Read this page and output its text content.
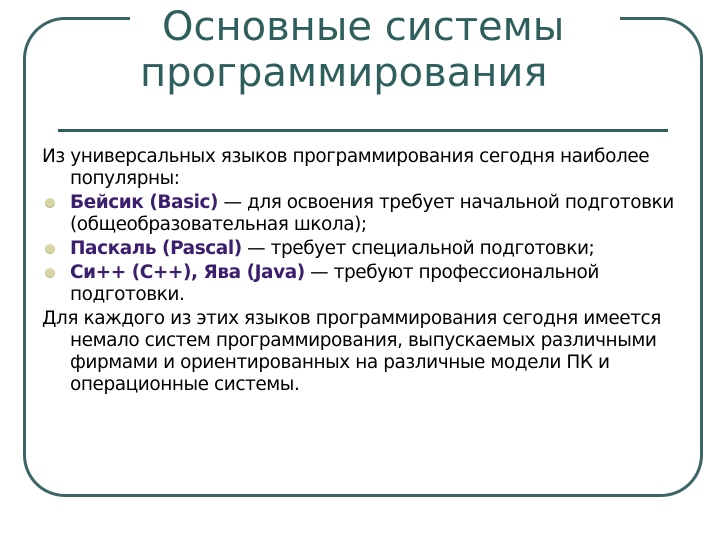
Основные системы
программирования

Из универсальных языков программирования сегодня наиболее популярны:

Бейсик (Basic) — для освоения требует начальной подготовки (общеобразовательная школа);
Паскаль (Pascal) — требует специальной подготовки;
Си++ (C++), Ява (Java) — требуют профессиональной подготовки.

Для каждого из этих языков программирования сегодня имеется немало систем программирования, выпускаемых различными фирмами и ориентированных на различные модели ПК и операционные системы.
